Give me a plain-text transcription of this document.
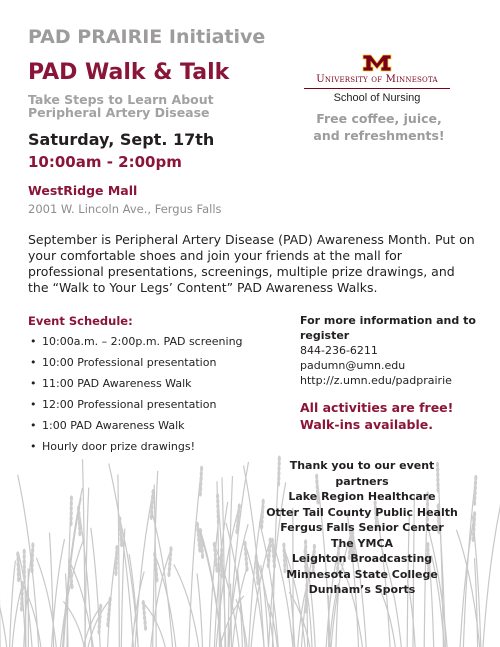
PAD PRAIRIE Initiative
PAD Walk & Talk
Take Steps to Learn About Peripheral Artery Disease
Saturday, Sept. 17th
10:00am - 2:00pm
WestRidge Mall
2001 W. Lincoln Ave., Fergus Falls
University of Minnesota
School of Nursing
Free coffee, juice, and refreshments!
September is Peripheral Artery Disease (PAD) Awareness Month. Put on your comfortable shoes and join your friends at the mall for professional presentations, screenings, multiple prize drawings, and the “Walk to Your Legs’ Content” PAD Awareness Walks.
Event Schedule:
• 10:00a.m. – 2:00p.m. PAD screening
• 10:00 Professional presentation
• 11:00 PAD Awareness Walk
• 12:00 Professional presentation
• 1:00 PAD Awareness Walk
• Hourly door prize drawings!
For more information and to register
844-236-6211
padumn@umn.edu
http://z.umn.edu/padprairie
All activities are free!
Walk-ins available.
Thank you to our event partners
Lake Region Healthcare
Otter Tail County Public Health
Fergus Falls Senior Center
The YMCA
Leighton Broadcasting
Minnesota State College
Dunham’s Sports
